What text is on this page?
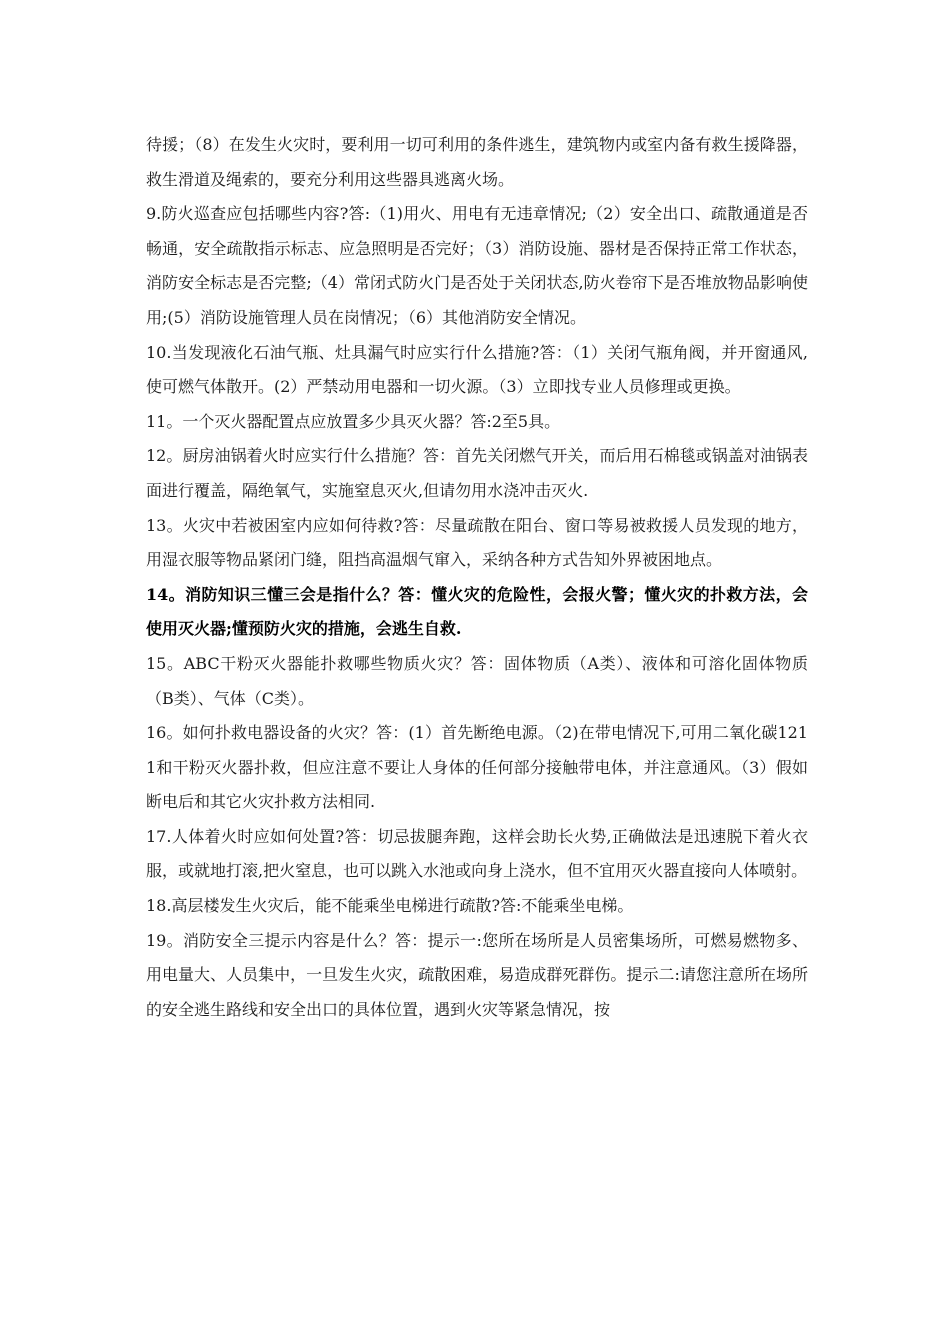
待援；（8）在发生火灾时，要利用一切可利用的条件逃生，建筑物内或室内备有救生援降器，救生滑道及绳索的，要充分利用这些器具逃离火场。

9.防火巡查应包括哪些内容?答:（1)用火、用电有无违章情况;（2）安全出口、疏散通道是否畅通，安全疏散指示标志、应急照明是否完好；（3）消防设施、器材是否保持正常工作状态，消防安全标志是否完整;（4）常闭式防火门是否处于关闭状态,防火卷帘下是否堆放物品影响使用;(5）消防设施管理人员在岗情况；（6）其他消防安全情况。

10.当发现液化石油气瓶、灶具漏气时应实行什么措施?答：（1）关闭气瓶角阀，并开窗通风,使可燃气体散开。(2）严禁动用电器和一切火源。（3）立即找专业人员修理或更换。

11。一个灭火器配置点应放置多少具灭火器？答:2至5具。

12。厨房油锅着火时应实行什么措施？答：首先关闭燃气开关，而后用石棉毯或锅盖对油锅表面进行覆盖，隔绝氧气，实施窒息灭火,但请勿用水浇冲击灭火.

13。火灾中若被困室内应如何待救?答：尽量疏散在阳台、窗口等易被救援人员发现的地方，用湿衣服等物品紧闭门缝，阻挡高温烟气窜入，采纳各种方式告知外界被困地点。

14。消防知识三懂三会是指什么？答：懂火灾的危险性，会报火警；懂火灾的扑救方法，会使用灭火器;懂预防火灾的措施，会逃生自救.

15。ABC干粉灭火器能扑救哪些物质火灾？答：固体物质（A类）、液体和可溶化固体物质（B类）、气体（C类）。

16。如何扑救电器设备的火灾？答：(1）首先断绝电源。（2)在带电情况下,可用二氧化碳1211和干粉灭火器扑救，但应注意不要让人身体的任何部分接触带电体，并注意通风。（3）假如断电后和其它火灾扑救方法相同.

17.人体着火时应如何处置?答：切忌拔腿奔跑，这样会助长火势,正确做法是迅速脱下着火衣服，或就地打滚,把火窒息，也可以跳入水池或向身上浇水，但不宜用灭火器直接向人体喷射。

18.高层楼发生火灾后，能不能乘坐电梯进行疏散?答:不能乘坐电梯。

19。消防安全三提示内容是什么？答：提示一:您所在场所是人员密集场所，可燃易燃物多、用电量大、人员集中，一旦发生火灾，疏散困难，易造成群死群伤。提示二:请您注意所在场所的安全逃生路线和安全出口的具体位置，遇到火灾等紧急情况，按
